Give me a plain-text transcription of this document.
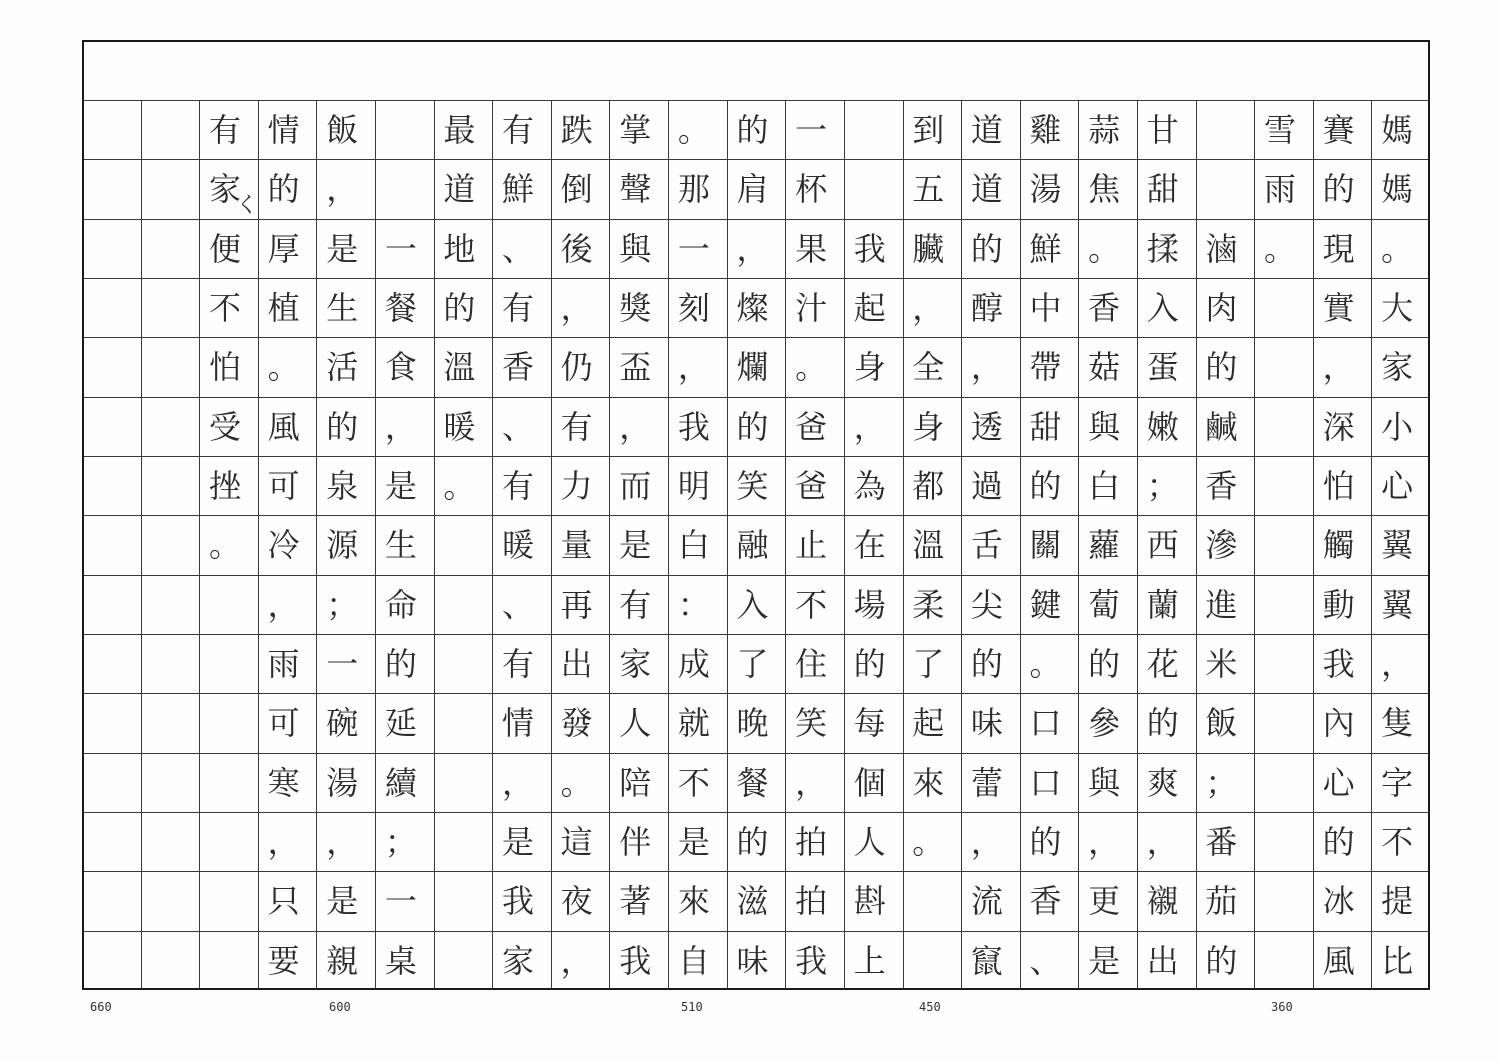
媽
媽
。
大
家
小
心
翼
翼
，
隻
字
不
提
比
賽
的
現
實
，
深
怕
觸
動
我
內
心
的
冰
風
雪
雨
。
滷
肉
的
鹹
香
滲
進
米
飯
；
番
茄
的
甘
甜
揉
入
蛋
嫩
；
西
蘭
花
的
爽
，
襯
出
蒜
焦
。
香
菇
與
白
蘿
蔔
的
參
與
，
更
是
雞
湯
鮮
中
帶
甜
的
關
鍵
。
口
口
的
香
、
道
道
的
醇
，
透
過
舌
尖
的
味
蕾
，
流
竄
到
五
臟
，
全
身
都
溫
柔
了
起
來
。
我
起
身
，
為
在
場
的
每
個
人
斟
上
一
杯
果
汁
。
爸
爸
止
不
住
笑
，
拍
拍
我
的
肩
，
燦
爛
的
笑
融
入
了
晚
餐
的
滋
味
。
那
一
刻
，
我
明
白
：
成
就
不
是
來
自
掌
聲
與
獎
盃
，
而
是
有
家
人
陪
伴
著
我
跌
倒
後
，
仍
有
力
量
再
出
發
。
這
夜
，
有
鮮
、
有
香
、
有
暖
、
有
情
，
是
我
家
最
道
地
的
溫
暖
。
一
餐
食
，
是
生
命
的
延
續
；
一
桌
飯
，
是
生
活
的
泉
源
；
一
碗
湯
，
是
親
情
的
厚
植
。
風
可
冷
，
雨
可
寒
，
只
要
有
家
便
不
怕
受
挫
。
く
660	600	510	450	360
